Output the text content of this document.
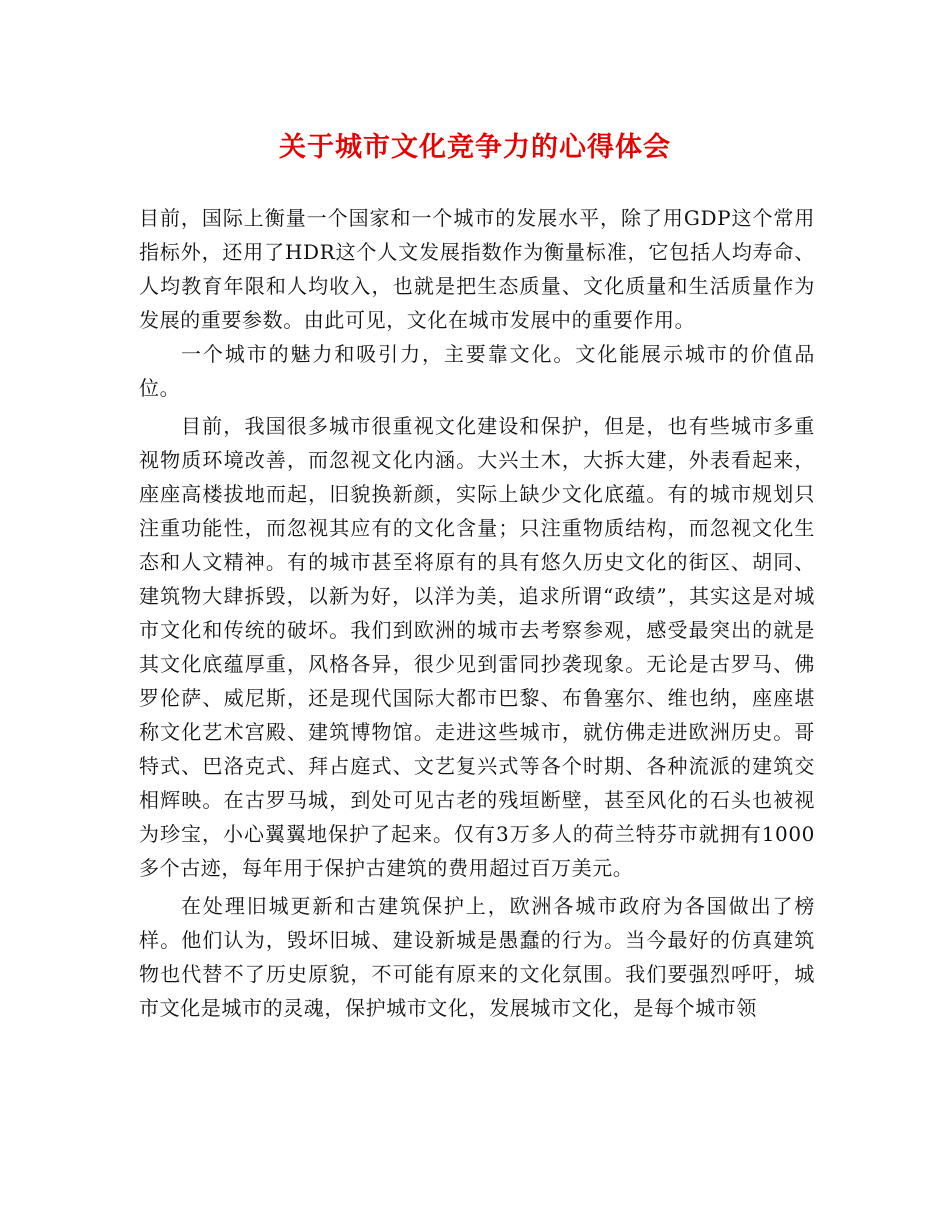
关于城市文化竞争力的心得体会

目前，国际上衡量一个国家和一个城市的发展水平，除了用GDP这个常用指标外，还用了HDR这个人文发展指数作为衡量标准，它包括人均寿命、人均教育年限和人均收入，也就是把生态质量、文化质量和生活质量作为发展的重要参数。由此可见，文化在城市发展中的重要作用。

一个城市的魅力和吸引力，主要靠文化。文化能展示城市的价值品位。

目前，我国很多城市很重视文化建设和保护，但是，也有些城市多重视物质环境改善，而忽视文化内涵。大兴土木，大拆大建，外表看起来，座座高楼拔地而起，旧貌换新颜，实际上缺少文化底蕴。有的城市规划只注重功能性，而忽视其应有的文化含量；只注重物质结构，而忽视文化生态和人文精神。有的城市甚至将原有的具有悠久历史文化的街区、胡同、建筑物大肆拆毁，以新为好，以洋为美，追求所谓“政绩”，其实这是对城市文化和传统的破坏。我们到欧洲的城市去考察参观，感受最突出的就是其文化底蕴厚重，风格各异，很少见到雷同抄袭现象。无论是古罗马、佛罗伦萨、威尼斯，还是现代国际大都市巴黎、布鲁塞尔、维也纳，座座堪称文化艺术宫殿、建筑博物馆。走进这些城市，就仿佛走进欧洲历史。哥特式、巴洛克式、拜占庭式、文艺复兴式等各个时期、各种流派的建筑交相辉映。在古罗马城，到处可见古老的残垣断壁，甚至风化的石头也被视为珍宝，小心翼翼地保护了起来。仅有3万多人的荷兰特芬市就拥有1000多个古迹，每年用于保护古建筑的费用超过百万美元。

在处理旧城更新和古建筑保护上，欧洲各城市政府为各国做出了榜样。他们认为，毁坏旧城、建设新城是愚蠢的行为。当今最好的仿真建筑物也代替不了历史原貌，不可能有原来的文化氛围。我们要强烈呼吁，城市文化是城市的灵魂，保护城市文化，发展城市文化，是每个城市领
